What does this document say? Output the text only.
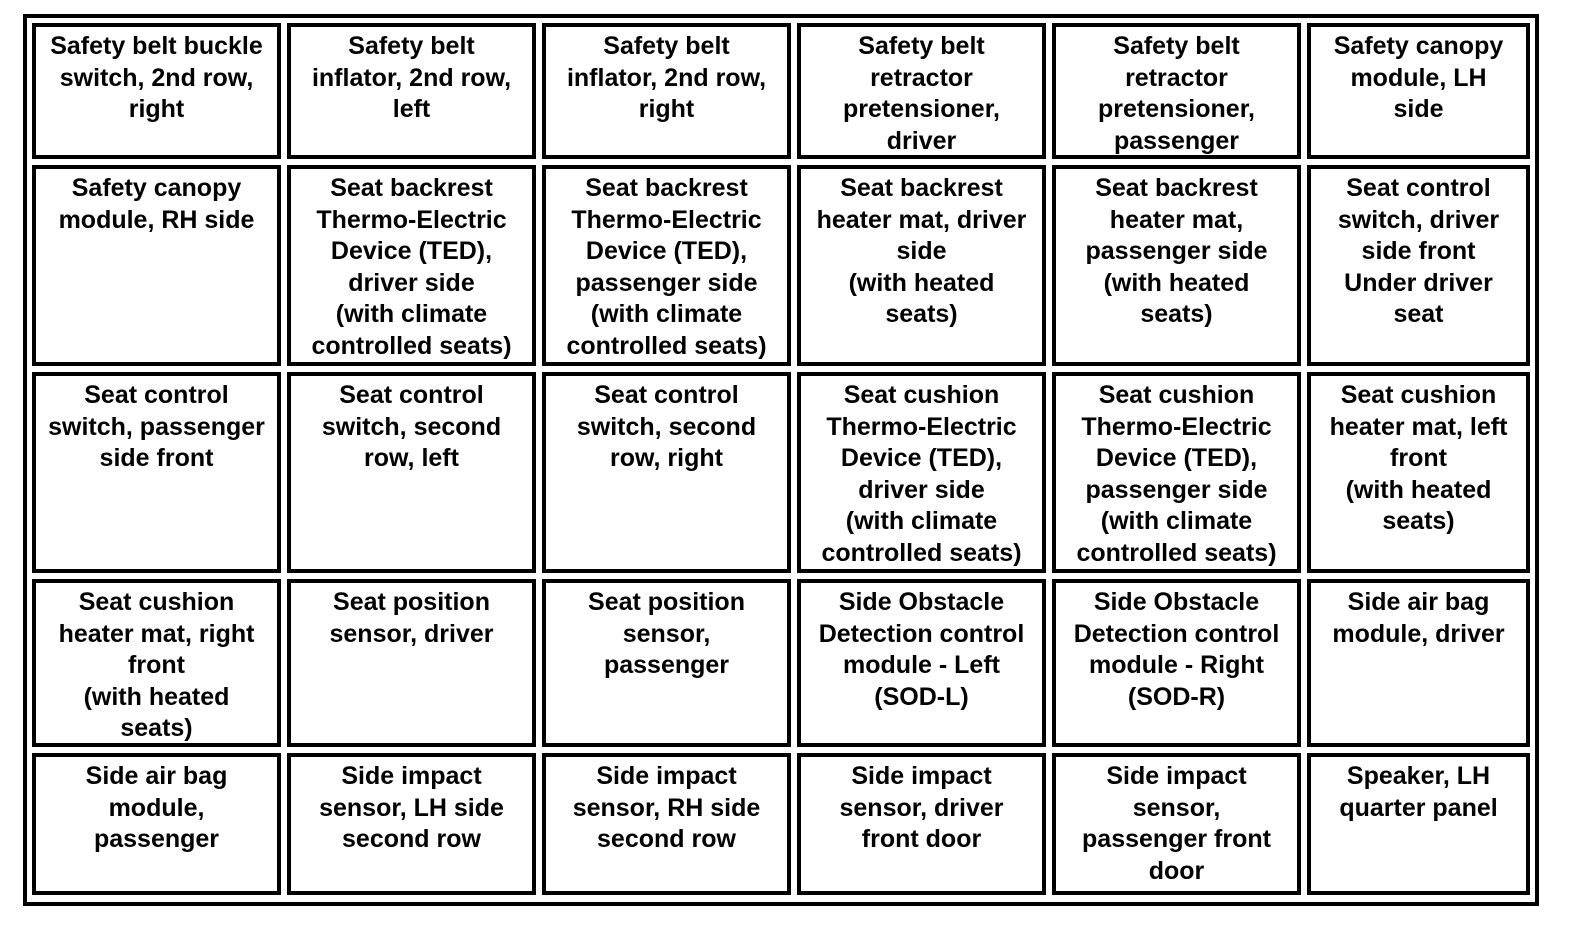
Safety belt buckle
switch, 2nd row,
right
Safety belt
inflator, 2nd row,
left
Safety belt
inflator, 2nd row,
right
Safety belt
retractor
pretensioner,
driver
Safety belt
retractor
pretensioner,
passenger
Safety canopy
module, LH
side
Safety canopy
module, RH side
Seat backrest
Thermo-Electric
Device (TED),
driver side
(with climate
controlled seats)
Seat backrest
Thermo-Electric
Device (TED),
passenger side
(with climate
controlled seats)
Seat backrest
heater mat, driver
side
(with heated
seats)
Seat backrest
heater mat,
passenger side
(with heated
seats)
Seat control
switch, driver
side front
Under driver
seat
Seat control
switch, passenger
side front
Seat control
switch, second
row, left
Seat control
switch, second
row, right
Seat cushion
Thermo-Electric
Device (TED),
driver side
(with climate
controlled seats)
Seat cushion
Thermo-Electric
Device (TED),
passenger side
(with climate
controlled seats)
Seat cushion
heater mat, left
front
(with heated
seats)
Seat cushion
heater mat, right
front
(with heated
seats)
Seat position
sensor, driver
Seat position
sensor,
passenger
Side Obstacle
Detection control
module - Left
(SOD-L)
Side Obstacle
Detection control
module - Right
(SOD-R)
Side air bag
module, driver
Side air bag
module,
passenger
Side impact
sensor, LH side
second row
Side impact
sensor, RH side
second row
Side impact
sensor, driver
front door
Side impact
sensor,
passenger front
door
Speaker, LH
quarter panel
